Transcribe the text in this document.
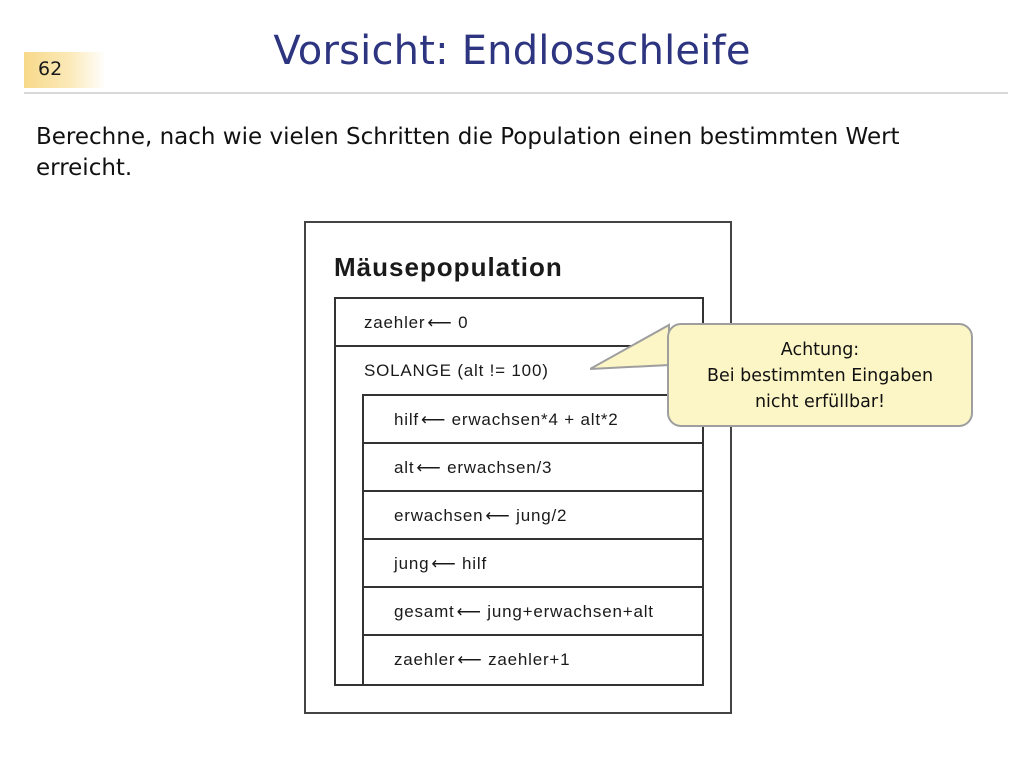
62	Vorsicht: Endlosschleife
Berechne, nach wie vielen Schritten die Population einen bestimmten Wert erreicht.
Mäusepopulation
zaehler ⟵ 0
SOLANGE (alt != 100)
hilf ⟵ erwachsen*4 + alt*2
alt ⟵ erwachsen/3
erwachsen ⟵ jung/2
jung ⟵ hilf
gesamt ⟵ jung+erwachsen+alt
zaehler ⟵ zaehler+1
Achtung:
Bei bestimmten Eingaben
nicht erfüllbar!
